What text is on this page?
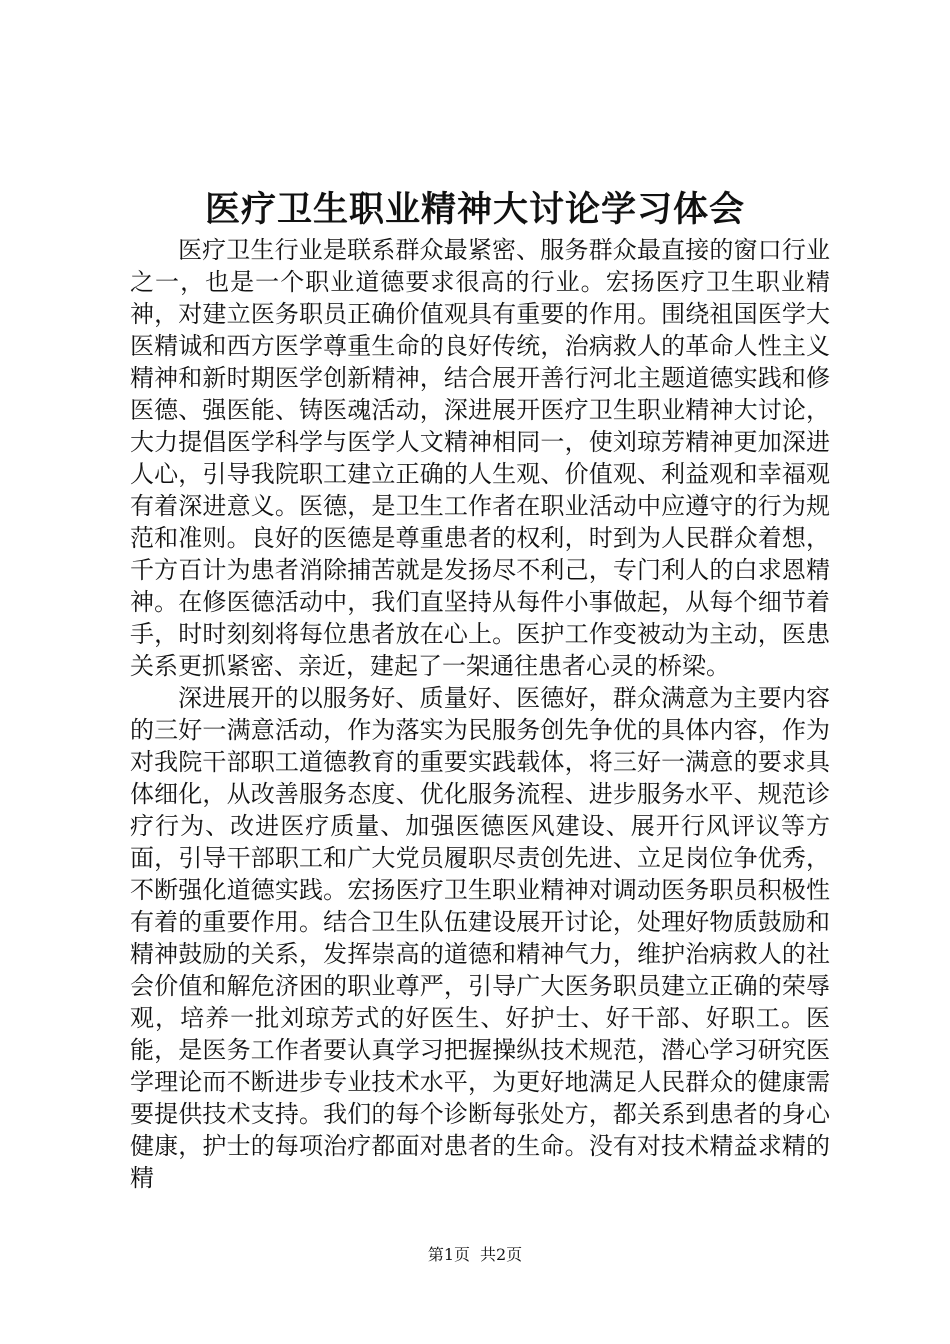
医疗卫生职业精神大讨论学习体会

医疗卫生行业是联系群众最紧密、服务群众最直接的窗口行业之一，也是一个职业道德要求很高的行业。宏扬医疗卫生职业精神，对建立医务职员正确价值观具有重要的作用。围绕祖国医学大医精诚和西方医学尊重生命的良好传统，治病救人的革命人性主义精神和新时期医学创新精神，结合展开善行河北主题道德实践和修医德、强医能、铸医魂活动，深进展开医疗卫生职业精神大讨论，大力提倡医学科学与医学人文精神相同一，使刘琼芳精神更加深进人心，引导我院职工建立正确的人生观、价值观、利益观和幸福观有着深进意义。医德，是卫生工作者在职业活动中应遵守的行为规范和准则。良好的医德是尊重患者的权利，时到为人民群众着想，千方百计为患者消除捕苦就是发扬尽不利己，专门利人的白求恩精神。在修医德活动中，我们直坚持从每件小事做起，从每个细节着手，时时刻刻将每位患者放在心上。医护工作变被动为主动，医患关系更抓紧密、亲近，建起了一架通往患者心灵的桥梁。

深进展开的以服务好、质量好、医德好，群众满意为主要内容的三好一满意活动，作为落实为民服务创先争优的具体内容，作为对我院干部职工道德教育的重要实践载体，将三好一满意的要求具体细化，从改善服务态度、优化服务流程、进步服务水平、规范诊疗行为、改进医疗质量、加强医德医风建设、展开行风评议等方面，引导干部职工和广大党员履职尽责创先进、立足岗位争优秀，不断强化道德实践。宏扬医疗卫生职业精神对调动医务职员积极性有着的重要作用。结合卫生队伍建设展开讨论，处理好物质鼓励和精神鼓励的关系，发挥崇高的道德和精神气力，维护治病救人的社会价值和解危济困的职业尊严，引导广大医务职员建立正确的荣辱观，培养一批刘琼芳式的好医生、好护士、好干部、好职工。医能，是医务工作者要认真学习把握操纵技术规范，潜心学习研究医学理论而不断进步专业技术水平，为更好地满足人民群众的健康需要提供技术支持。我们的每个诊断每张处方，都关系到患者的身心健康，护士的每项治疗都面对患者的生命。没有对技术精益求精的精

第1页 共2页
